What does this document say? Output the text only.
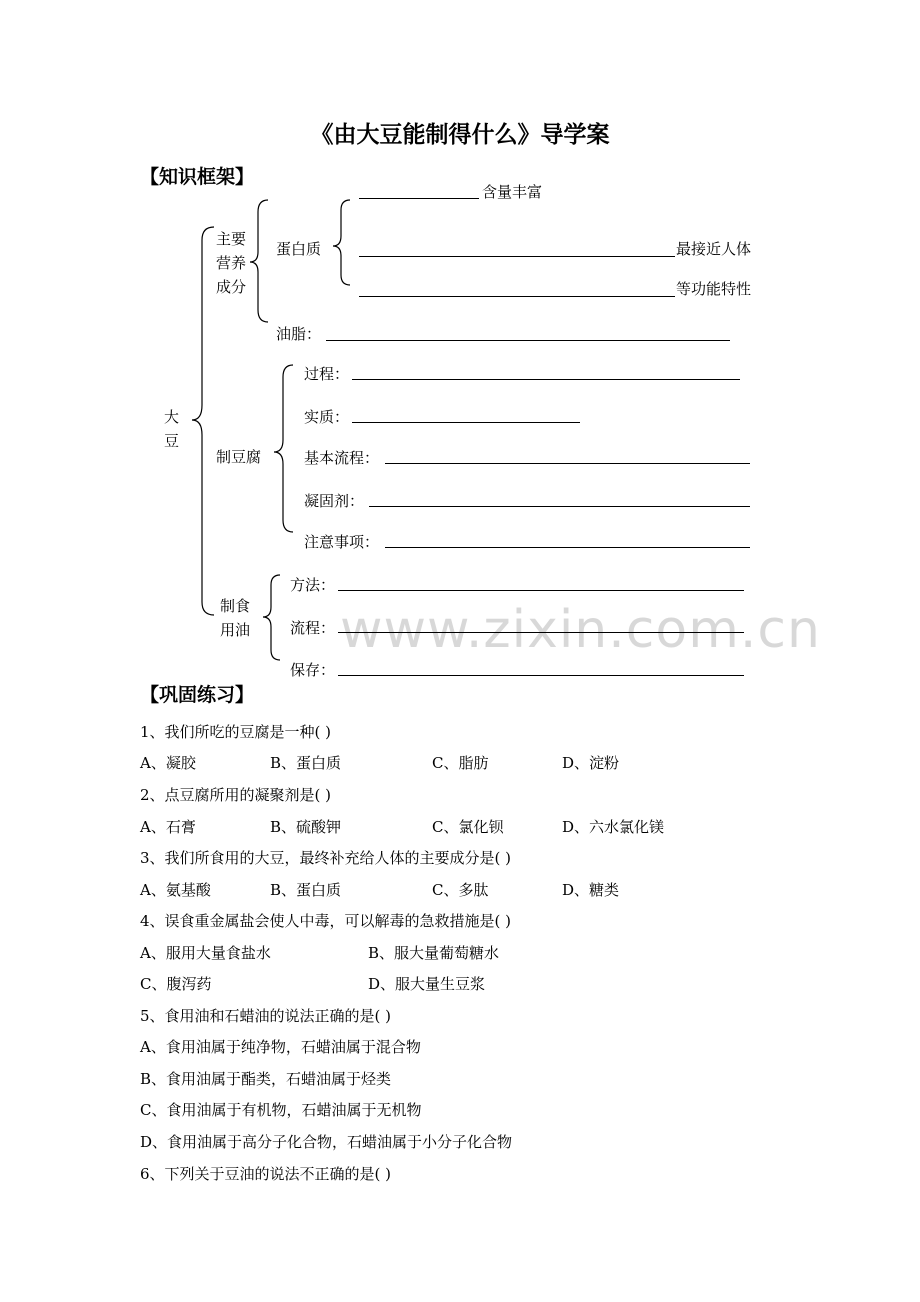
《由大豆能制得什么》导学案
【知识框架】
www.zixin.com.cn
大
豆
主要
营养
成分
蛋白质
含量丰富
最接近人体
等功能特性
油脂：
制豆腐
过程：
实质：
基本流程：
凝固剂：
注意事项：
制食
用油
方法：
流程：
保存：
【巩固练习】
1、我们所吃的豆腐是一种( )
A、凝胶	B、蛋白质	C、脂肪	D、淀粉
2、点豆腐所用的凝聚剂是( )
A、石膏	B、硫酸钾	C、氯化钡	D、六水氯化镁
3、我们所食用的大豆，最终补充给人体的主要成分是( )
A、氨基酸	B、蛋白质	C、多肽	D、糖类
4、误食重金属盐会使人中毒，可以解毒的急救措施是( )
A、服用大量食盐水	B、服大量葡萄糖水
C、腹泻药	D、服大量生豆浆
5、食用油和石蜡油的说法正确的是( )
A、食用油属于纯净物，石蜡油属于混合物
B、食用油属于酯类，石蜡油属于烃类
C、食用油属于有机物，石蜡油属于无机物
D、食用油属于高分子化合物，石蜡油属于小分子化合物
6、下列关于豆油的说法不正确的是( )
